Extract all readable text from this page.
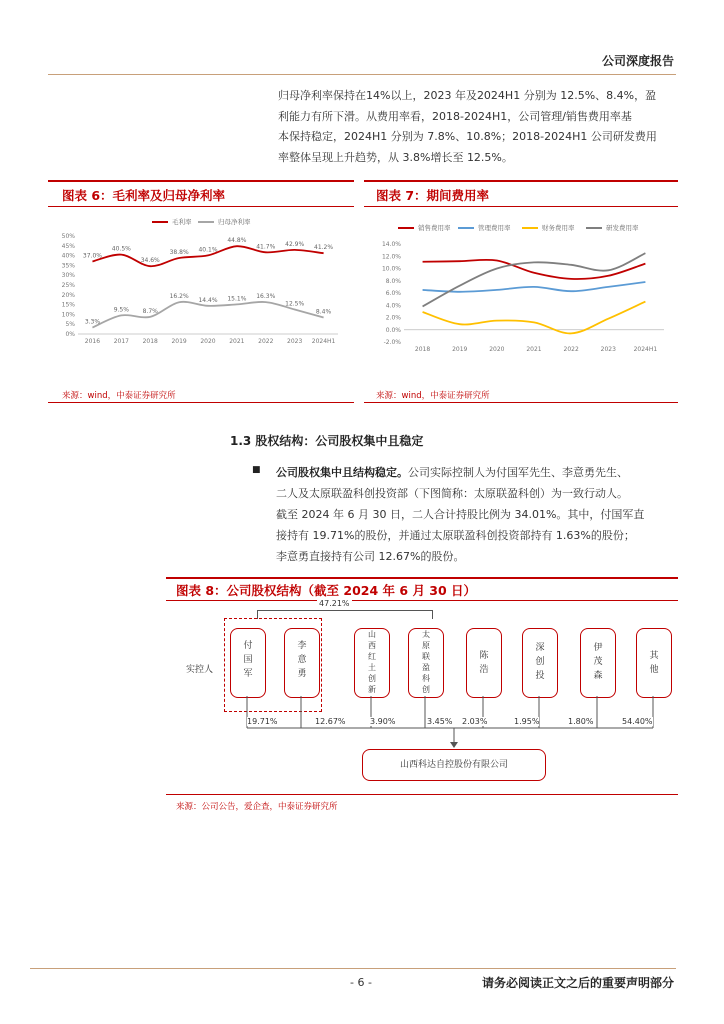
公司深度报告
归母净利率保持在14%以上，2023 年及2024H1 分别为 12.5%、8.4%，盈
利能力有所下滑。从费用率看，2018-2024H1，公司管理/销售费用率基
本保持稳定，2024H1 分别为 7.8%、10.8%；2018-2024H1 公司研发费用
率整体呈现上升趋势，从 3.8%增长至 12.5%。
图表 6：毛利率及归母净利率
毛利率	归母净利率
0%
5%
10%
15%
20%
25%
30%
35%
40%
45%
50%
2016 2017 2018 2019 2020 2021 2022 2023 2024H1
37.0%
40.5%
34.6%
38.8% 40.1%
44.8%
41.7% 42.9% 41.2%
3.3%
9.5% 8.7%
16.2%
14.4% 15.1% 16.3%
12.5%
8.4%
来源：wind，中泰证券研究所
图表 7：期间费用率
销售费用率	管理费用率	财务费用率	研发费用率
-2.0%
0.0%
2.0%
4.0%
6.0%
8.0%
10.0%
12.0%
14.0%
2018	2019	2020	2021	2022	2023	2024H1
来源：wind，中泰证券研究所
1.3 股权结构：公司股权集中且稳定
■ 公司股权集中且结构稳定。公司实际控制人为付国军先生、李意勇先生、
二人及太原联盈科创投资部（下图简称：太原联盈科创）为一致行动人。
截至 2024 年 6 月 30 日，二人合计持股比例为 34.01%。其中，付国军直
接持有 19.71%的股份，并通过太原联盈科创投资部持有 1.63%的股份；
李意勇直接持有公司 12.67%的股份。
图表 8：公司股权结构（截至 2024 年 6 月 30 日）
实控人
47.21%
付国军
李意勇
山西红土创新
太原联盈科创
陈浩
深创投
伊茂森
其他
19.71%	12.67%	3.90%	3.45% 2.03%	1.95%	1.80%	54.40%
山西科达自控股份有限公司
来源：公司公告，爱企查，中泰证券研究所
- 6 -	请务必阅读正文之后的重要声明部分
